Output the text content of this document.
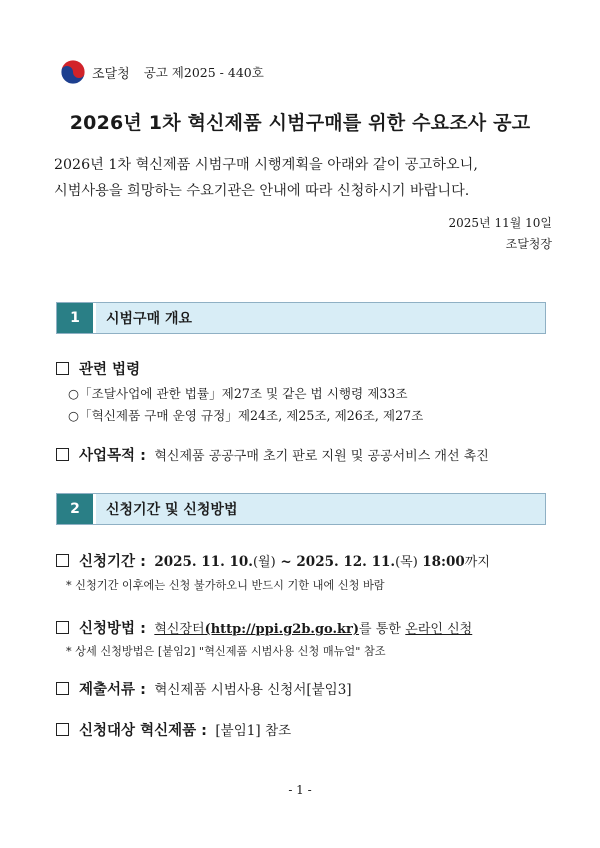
조달청 공고 제2025 - 440호
2026년 1차 혁신제품 시범구매를 위한 수요조사 공고
2026년 1차 혁신제품 시범구매 시행계획을 아래와 같이 공고하오니,
시범사용을 희망하는 수요기관은 안내에 따라 신청하시기 바랍니다.
2025년 11월 10일
조달청장
1	시범구매 개요
관련 법령
○「조달사업에 관한 법률」제27조 및 같은 법 시행령 제33조
○「혁신제품 구매 운영 규정」제24조, 제25조, 제26조, 제27조
사업목적 : 혁신제품 공공구매 초기 판로 지원 및 공공서비스 개선 촉진
2	신청기간 및 신청방법
신청기간 : 2025. 11. 10.(월) ~ 2025. 12. 11.(목) 18:00까지
* 신청기간 이후에는 신청 불가하오니 반드시 기한 내에 신청 바람
신청방법 : 혁신장터(http://ppi.g2b.go.kr)를 통한 온라인 신청
* 상세 신청방법은 [붙임2] "혁신제품 시범사용 신청 매뉴얼" 참조
제출서류 : 혁신제품 시범사용 신청서[붙임3]
신청대상 혁신제품 : [붙임1] 참조
- 1 -
